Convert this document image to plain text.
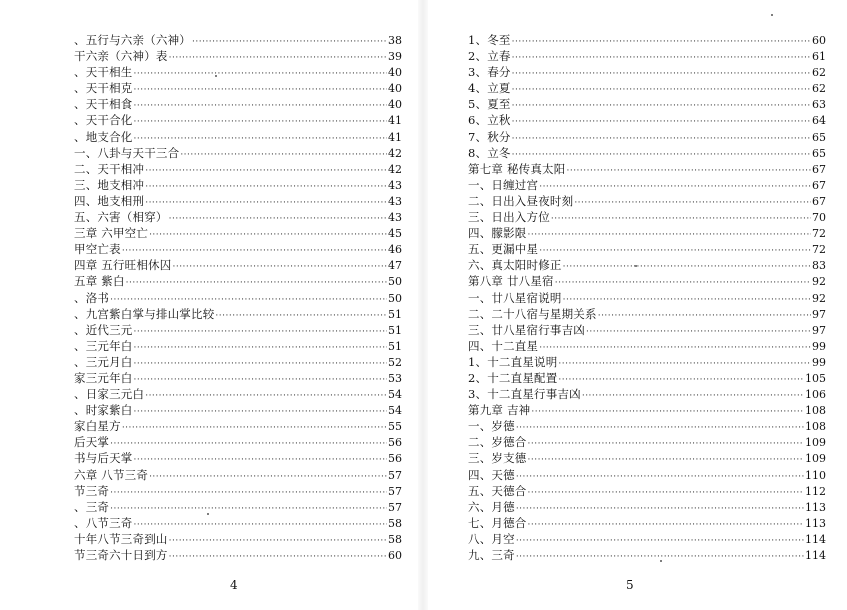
、五行与六亲（六神） ·····	38
干六亲（六神）表 ·····	39
、天干相生 ·····	40
、天干相克 ·····	40
、天干相食 ·····	40
、天干合化 ·····	41
、地支合化 ·····	41
一、八卦与天干三合 ·····	42
二、天干相冲 ·····	42
三、地支相冲 ·····	43
四、地支相刑 ·····	43
五、六害（相穿） ·····	43
三章 六甲空亡 ·····	45
甲空亡表 ·····	46
四章 五行旺相休囚 ·····	47
五章 紫白 ·····	50
、洛书 ·····	50
、九宫紫白掌与排山掌比较 ·····	51
、近代三元 ·····	51
、三元年白 ·····	51
、三元月白 ·····	52
家三元年白 ·····	53
、日家三元白 ·····	54
、时家紫白 ·····	54
家白星方 ·····	55
后天掌 ·····	56
书与后天掌 ·····	56
六章 八节三奇 ·····	57
节三奇 ·····	57
、三奇 ·····	57
、八节三奇 ·····	58
十年八节三奇到山 ·····	58
节三奇六十日到方 ·····	60
4
1、冬至 ·····	60
2、立春 ·····	61
3、春分 ·····	62
4、立夏 ·····	62
5、夏至 ·····	63
6、立秋 ·····	64
7、秋分 ·····	65
8、立冬 ·····	65
第七章 秘传真太阳 ·····	67
一、日缠过宫 ·····	67
二、日出入昼夜时刻 ·····	67
三、日出入方位 ·····	70
四、朦影限 ·····	72
五、更漏中星 ·····	72
六、真太阳时修正 ·····	83
第八章 廿八星宿 ·····	92
一、廿八星宿说明 ·····	92
二、二十八宿与星期关系 ·····	97
三、廿八星宿行事吉凶 ·····	97
四、十二直星 ·····	99
1、十二直星说明 ·····	99
2、十二直星配置 ·····	105
3、十二直星行事吉凶 ·····	106
第九章 吉神 ·····	108
一、岁德 ·····	108
二、岁德合 ·····	109
三、岁支德 ·····	109
四、天德 ·····	110
五、天德合 ·····	112
六、月德 ·····	113
七、月德合 ·····	113
八、月空 ·····	114
九、三奇 ·····	114
5
